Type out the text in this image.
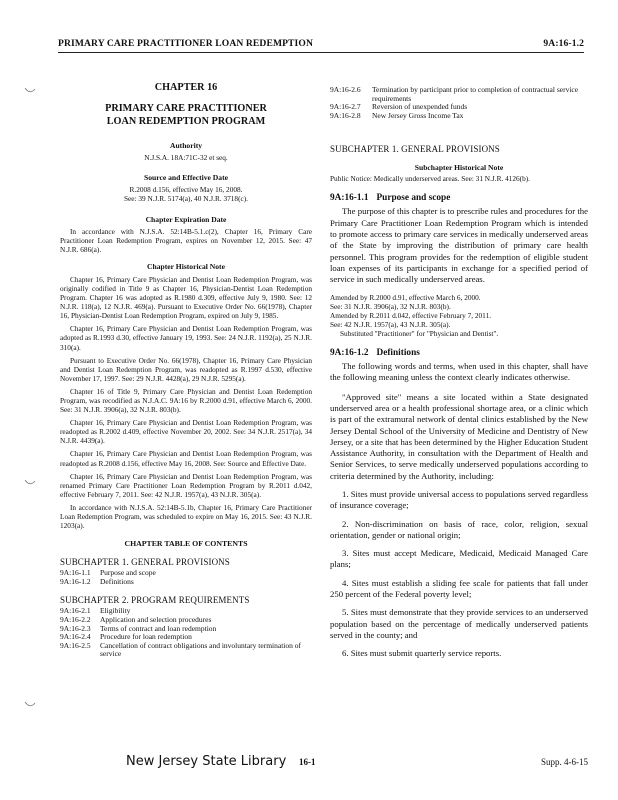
PRIMARY CARE PRACTITIONER LOAN REDEMPTION	9A:16-1.2
CHAPTER 16
PRIMARY CARE PRACTITIONER
LOAN REDEMPTION PROGRAM
Authority
N.J.S.A. 18A:71C-32 et seq.
Source and Effective Date
R.2008 d.156, effective May 16, 2008.
See: 39 N.J.R. 5174(a), 40 N.J.R. 3718(c).
Chapter Expiration Date

In accordance with N.J.S.A. 52:14B-5.1.c(2), Chapter 16, Primary Care Practitioner Loan Redemption Program, expires on November 12, 2015. See: 47 N.J.R. 686(a).

Chapter Historical Note

Chapter 16, Primary Care Physician and Dentist Loan Redemption Program, was originally codified in Title 9 as Chapter 16, Physician-Dentist Loan Redemption Program. Chapter 16 was adopted as R.1980 d.309, effective July 9, 1980. See: 12 N.J.R. 118(a), 12 N.J.R. 469(a). Pursuant to Executive Order No. 66(1978), Chapter 16, Physician-Dentist Loan Redemption Program, expired on July 9, 1985.

Chapter 16, Primary Care Physician and Dentist Loan Redemption Program, was adopted as R.1993 d.30, effective January 19, 1993. See: 24 N.J.R. 1192(a), 25 N.J.R. 310(a).

Pursuant to Executive Order No. 66(1978), Chapter 16, Primary Care Physician and Dentist Loan Redemption Program, was readopted as R.1997 d.530, effective November 17, 1997. See: 29 N.J.R. 4428(a), 29 N.J.R. 5295(a).

Chapter 16 of Title 9, Primary Care Physician and Dentist Loan Redemption Program, was recodified as N.J.A.C. 9A:16 by R.2000 d.91, effective March 6, 2000. See: 31 N.J.R. 3906(a), 32 N.J.R. 803(b).

Chapter 16, Primary Care Physician and Dentist Loan Redemption Program, was readopted as R.2002 d.409, effective November 20, 2002. See: 34 N.J.R. 2517(a), 34 N.J.R. 4439(a).

Chapter 16, Primary Care Physician and Dentist Loan Redemption Program, was readopted as R.2008 d.156, effective May 16, 2008. See: Source and Effective Date.

Chapter 16, Primary Care Physician and Dentist Loan Redemption Program, was renamed Primary Care Practitioner Loan Redemption Program by R.2011 d.042, effective February 7, 2011. See: 42 N.J.R. 1957(a), 43 N.J.R. 305(a).

In accordance with N.J.S.A. 52:14B-5.1b, Chapter 16, Primary Care Practitioner Loan Redemption Program, was scheduled to expire on May 16, 2015. See: 43 N.J.R. 1203(a).

CHAPTER TABLE OF CONTENTS
SUBCHAPTER 1. GENERAL PROVISIONS
9A:16-1.1	Purpose and scope
9A:16-1.2	Definitions
SUBCHAPTER 2. PROGRAM REQUIREMENTS
9A:16-2.1	Eligibility
9A:16-2.2	Application and selection procedures
9A:16-2.3	Terms of contract and loan redemption
9A:16-2.4	Procedure for loan redemption
9A:16-2.5	Cancellation of contract obligations and involuntary termination of service
9A:16-2.6	Termination by participant prior to completion of contractual service requirements
9A:16-2.7	Reversion of unexpended funds
9A:16-2.8	New Jersey Gross Income Tax
SUBCHAPTER 1. GENERAL PROVISIONS
Subchapter Historical Note
Public Notice: Medically underserved areas. See: 31 N.J.R. 4126(b).
9A:16-1.1 Purpose and scope

The purpose of this chapter is to prescribe rules and procedures for the Primary Care Practitioner Loan Redemption Program which is intended to promote access to primary care services in medically underserved areas of the State by improving the distribution of primary care health personnel. This program provides for the redemption of eligible student loan expenses of its participants in exchange for a specified period of service in such medically underserved areas.

Amended by R.2000 d.91, effective March 6, 2000.
See: 31 N.J.R. 3906(a), 32 N.J.R. 803(b).
Amended by R.2011 d.042, effective February 7, 2011.
See: 42 N.J.R. 1957(a), 43 N.J.R. 305(a).
Substituted "Practitioner" for "Physician and Dentist".
9A:16-1.2 Definitions

The following words and terms, when used in this chapter, shall have the following meaning unless the context clearly indicates otherwise.

"Approved site" means a site located within a State designated underserved area or a health professional shortage area, or a clinic which is part of the extramural network of dental clinics established by the New Jersey Dental School of the University of Medicine and Dentistry of New Jersey, or a site that has been determined by the Higher Education Student Assistance Authority, in consultation with the Department of Health and Senior Services, to serve medically underserved populations according to criteria determined by the Authority, including:

1. Sites must provide universal access to populations served regardless of insurance coverage;

2. Non-discrimination on basis of race, color, religion, sexual orientation, gender or national origin;

3. Sites must accept Medicare, Medicaid, Medicaid Managed Care plans;

4. Sites must establish a sliding fee scale for patients that fall under 250 percent of the Federal poverty level;

5. Sites must demonstrate that they provide services to an underserved population based on the percentage of medically underserved patients served in the county; and

6. Sites must submit quarterly service reports.

New Jersey State Library 16-1	Supp. 4-6-15
